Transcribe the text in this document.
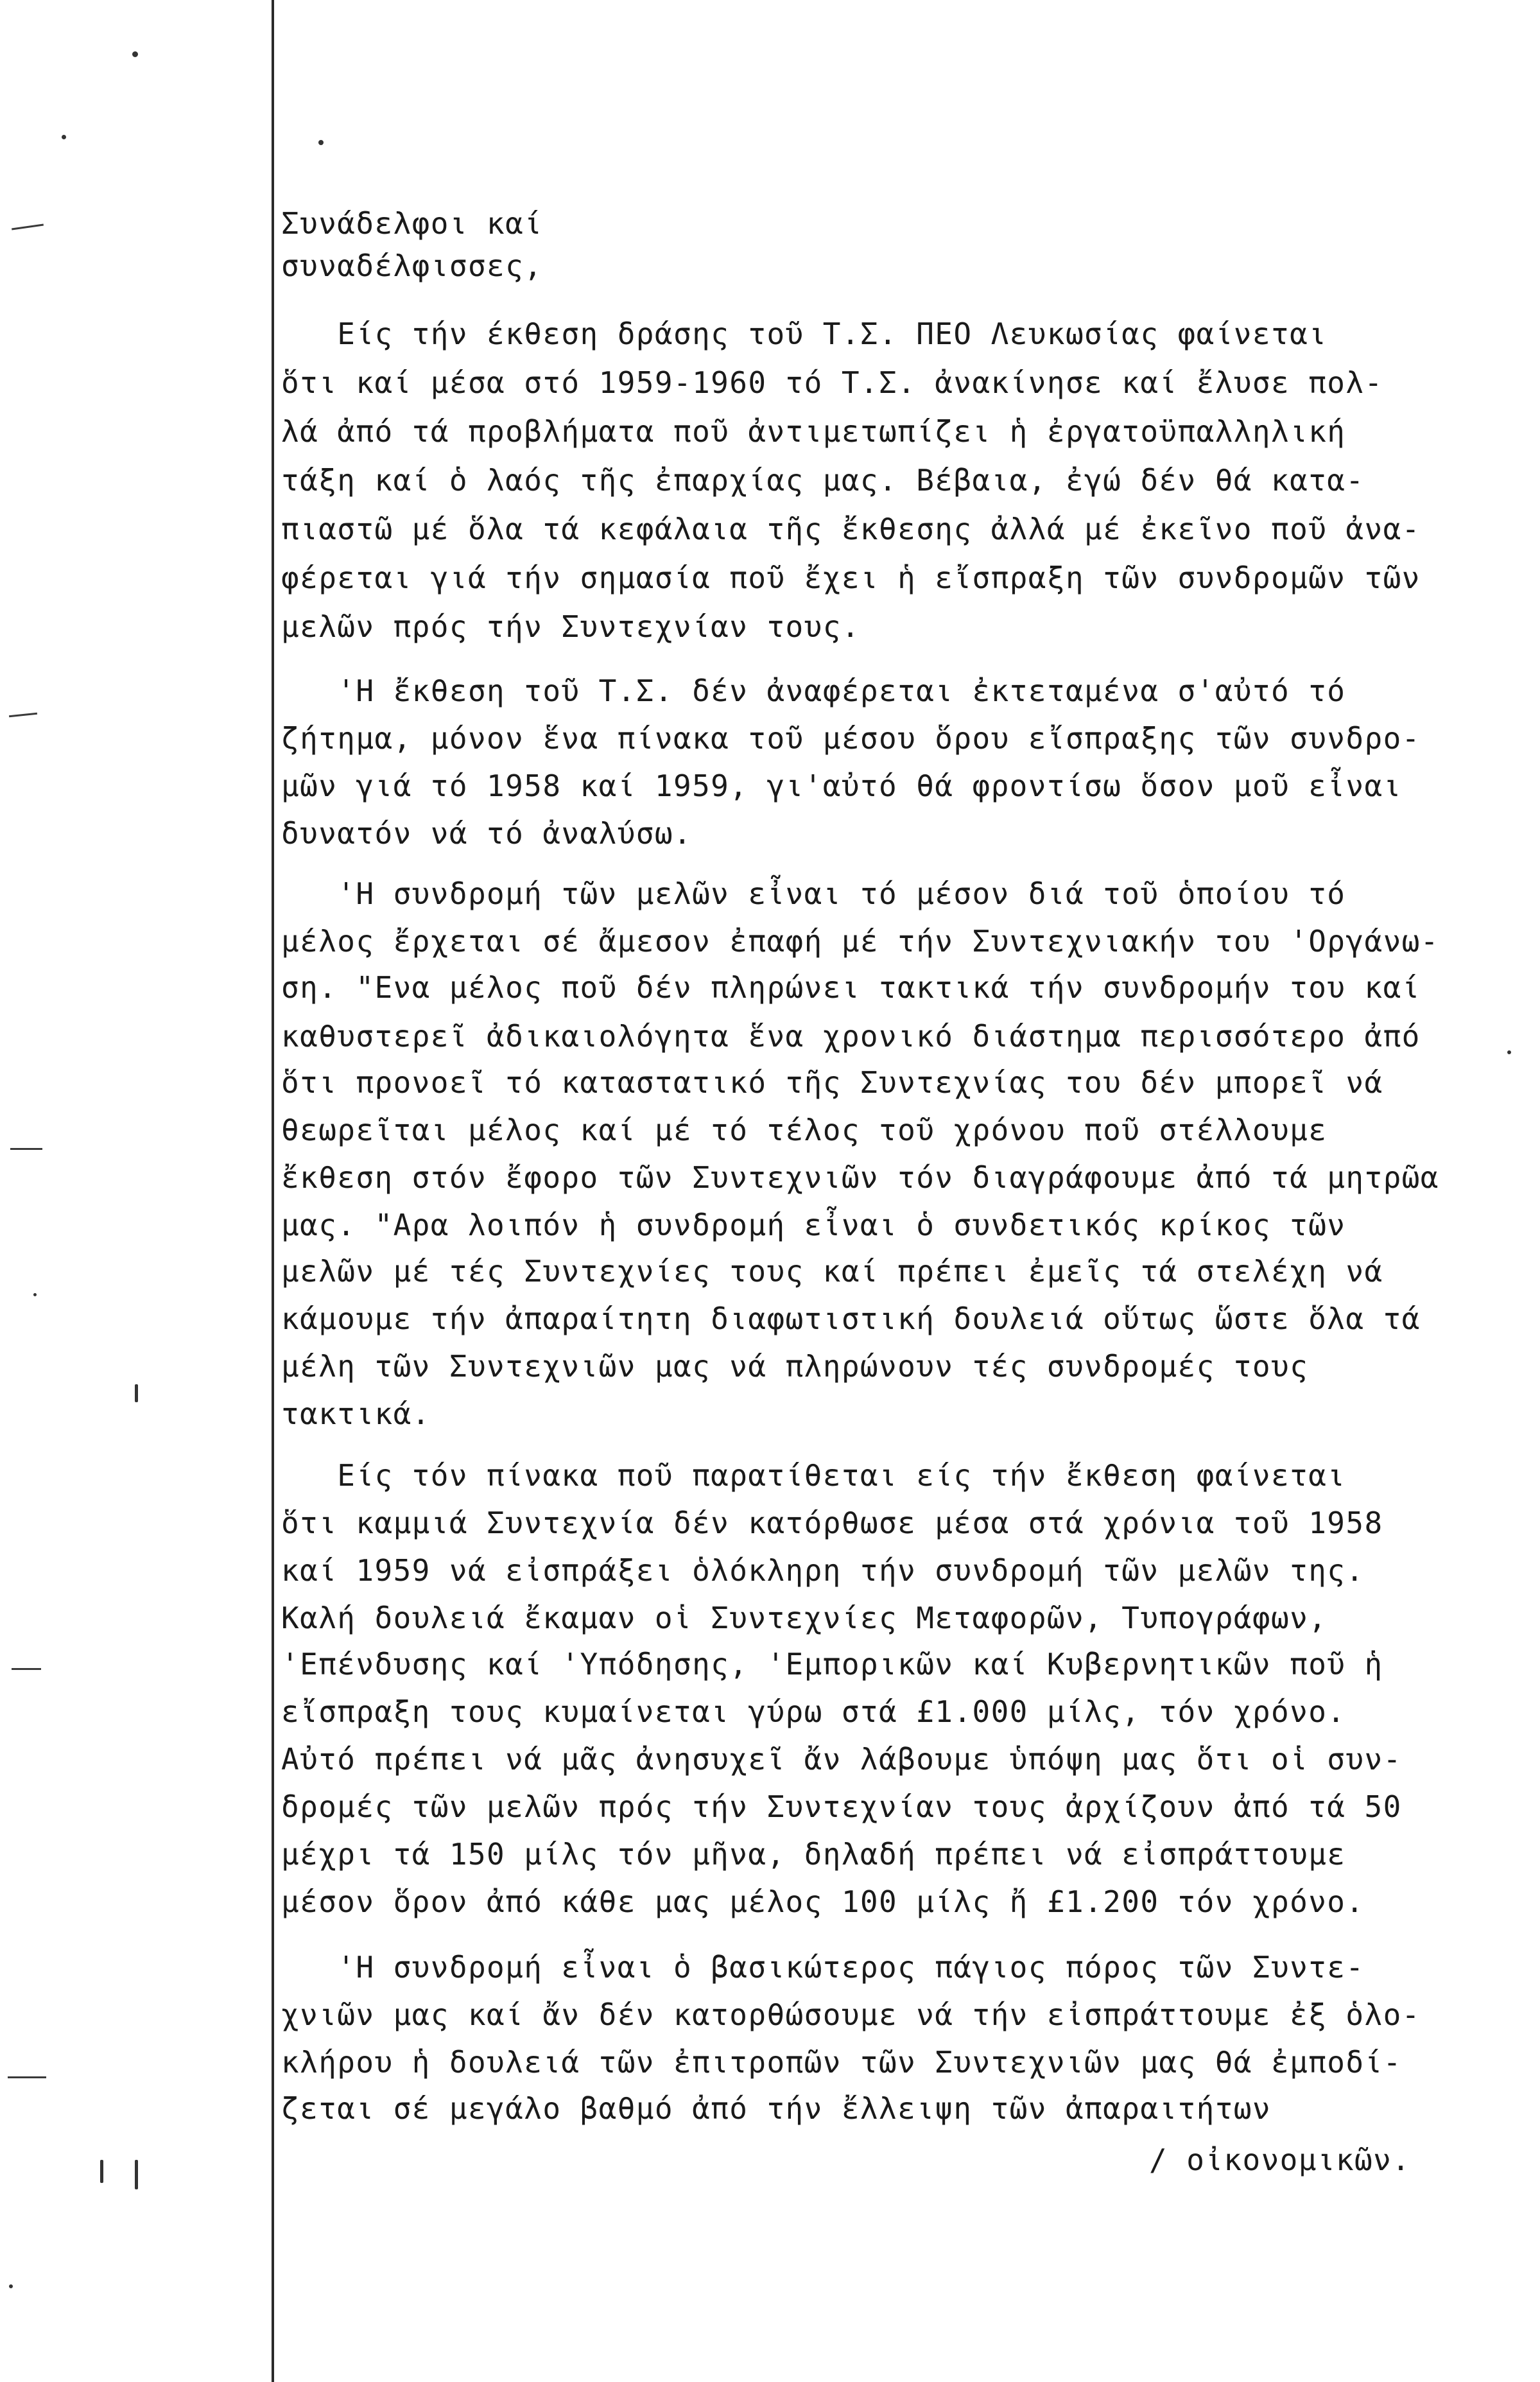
Συνάδελφοι καί
συναδέλφισσες,
Είς τήν έκθεση δράσης τοῦ Τ.Σ. ΠΕΟ Λευκωσίας φαίνεται
ὅτι καί μέσα στό 1959-1960 τό Τ.Σ. ἀνακίνησε καί ἔλυσε πολ-
λά ἀπό τά προβλήματα ποῦ ἀντιμετωπίζει ἡ ἐργατοϋπαλληλική
τάξη καί ὁ λαός τῆς ἐπαρχίας μας. Βέβαια, ἐγώ δέν θά κατα-
πιαστῶ μέ ὅλα τά κεφάλαια τῆς ἔκθεσης ἀλλά μέ ἐκεῖνο ποῦ ἀνα-
φέρεται γιά τήν σημασία ποῦ ἔχει ἡ εἴσπραξη τῶν συνδρομῶν τῶν
μελῶν πρός τήν Συντεχνίαν τους.
'Η ἔκθεση τοῦ Τ.Σ. δέν ἀναφέρεται ἐκτεταμένα σ'αὐτό τό
ζήτημα, μόνον ἕνα πίνακα τοῦ μέσου ὅρου εἴσπραξης τῶν συνδρο-
μῶν γιά τό 1958 καί 1959, γι'αὐτό θά φροντίσω ὅσον μοῦ εἶναι
δυνατόν νά τό ἀναλύσω.
'Η συνδρομή τῶν μελῶν εἶναι τό μέσον διά τοῦ ὁποίου τό
μέλος ἔρχεται σέ ἄμεσον ἐπαφή μέ τήν Συντεχνιακήν του 'Οργάνω-
ση. "Ενα μέλος ποῦ δέν πληρώνει τακτικά τήν συνδρομήν του καί
καθυστερεῖ ἀδικαιολόγητα ἕνα χρονικό διάστημα περισσότερο ἀπό
ὅτι προνοεῖ τό καταστατικό τῆς Συντεχνίας του δέν μπορεῖ νά
θεωρεῖται μέλος καί μέ τό τέλος τοῦ χρόνου ποῦ στέλλουμε
ἔκθεση στόν ἔφορο τῶν Συντεχνιῶν τόν διαγράφουμε ἀπό τά μητρῶα
μας. "Αρα λοιπόν ἡ συνδρομή εἶναι ὁ συνδετικός κρίκος τῶν
μελῶν μέ τές Συντεχνίες τους καί πρέπει ἐμεῖς τά στελέχη νά
κάμουμε τήν ἀπαραίτητη διαφωτιστική δουλειά οὕτως ὥστε ὅλα τά
μέλη τῶν Συντεχνιῶν μας νά πληρώνουν τές συνδρομές τους
τακτικά.
Είς τόν πίνακα ποῦ παρατίθεται είς τήν ἔκθεση φαίνεται
ὅτι καμμιά Συντεχνία δέν κατόρθωσε μέσα στά χρόνια τοῦ 1958
καί 1959 νά εἰσπράξει ὁλόκληρη τήν συνδρομή τῶν μελῶν της.
Καλή δουλειά ἔκαμαν οἱ Συντεχνίες Μεταφορῶν, Τυπογράφων,
'Επένδυσης καί 'Υπόδησης, 'Εμπορικῶν καί Κυβερνητικῶν ποῦ ἡ
εἴσπραξη τους κυμαίνεται γύρω στά £1.000 μίλς, τόν χρόνο.
Αὐτό πρέπει νά μᾶς ἀνησυχεῖ ἄν λάβουμε ὑπόψη μας ὅτι οἱ συν-
δρομές τῶν μελῶν πρός τήν Συντεχνίαν τους ἀρχίζουν ἀπό τά 50
μέχρι τά 150 μίλς τόν μῆνα, δηλαδή πρέπει νά εἰσπράττουμε
μέσον ὅρον ἀπό κάθε μας μέλος 100 μίλς ἤ £1.200 τόν χρόνο.
'Η συνδρομή εἶναι ὁ βασικώτερος πάγιος πόρος τῶν Συντε-
χνιῶν μας καί ἄν δέν κατορθώσουμε νά τήν εἰσπράττουμε ἐξ ὁλο-
κλήρου ἡ δουλειά τῶν ἐπιτροπῶν τῶν Συντεχνιῶν μας θά ἐμποδί-
ζεται σέ μεγάλο βαθμό ἀπό τήν ἔλλειψη τῶν ἀπαραιτήτων
/ οἰκονομικῶν.
